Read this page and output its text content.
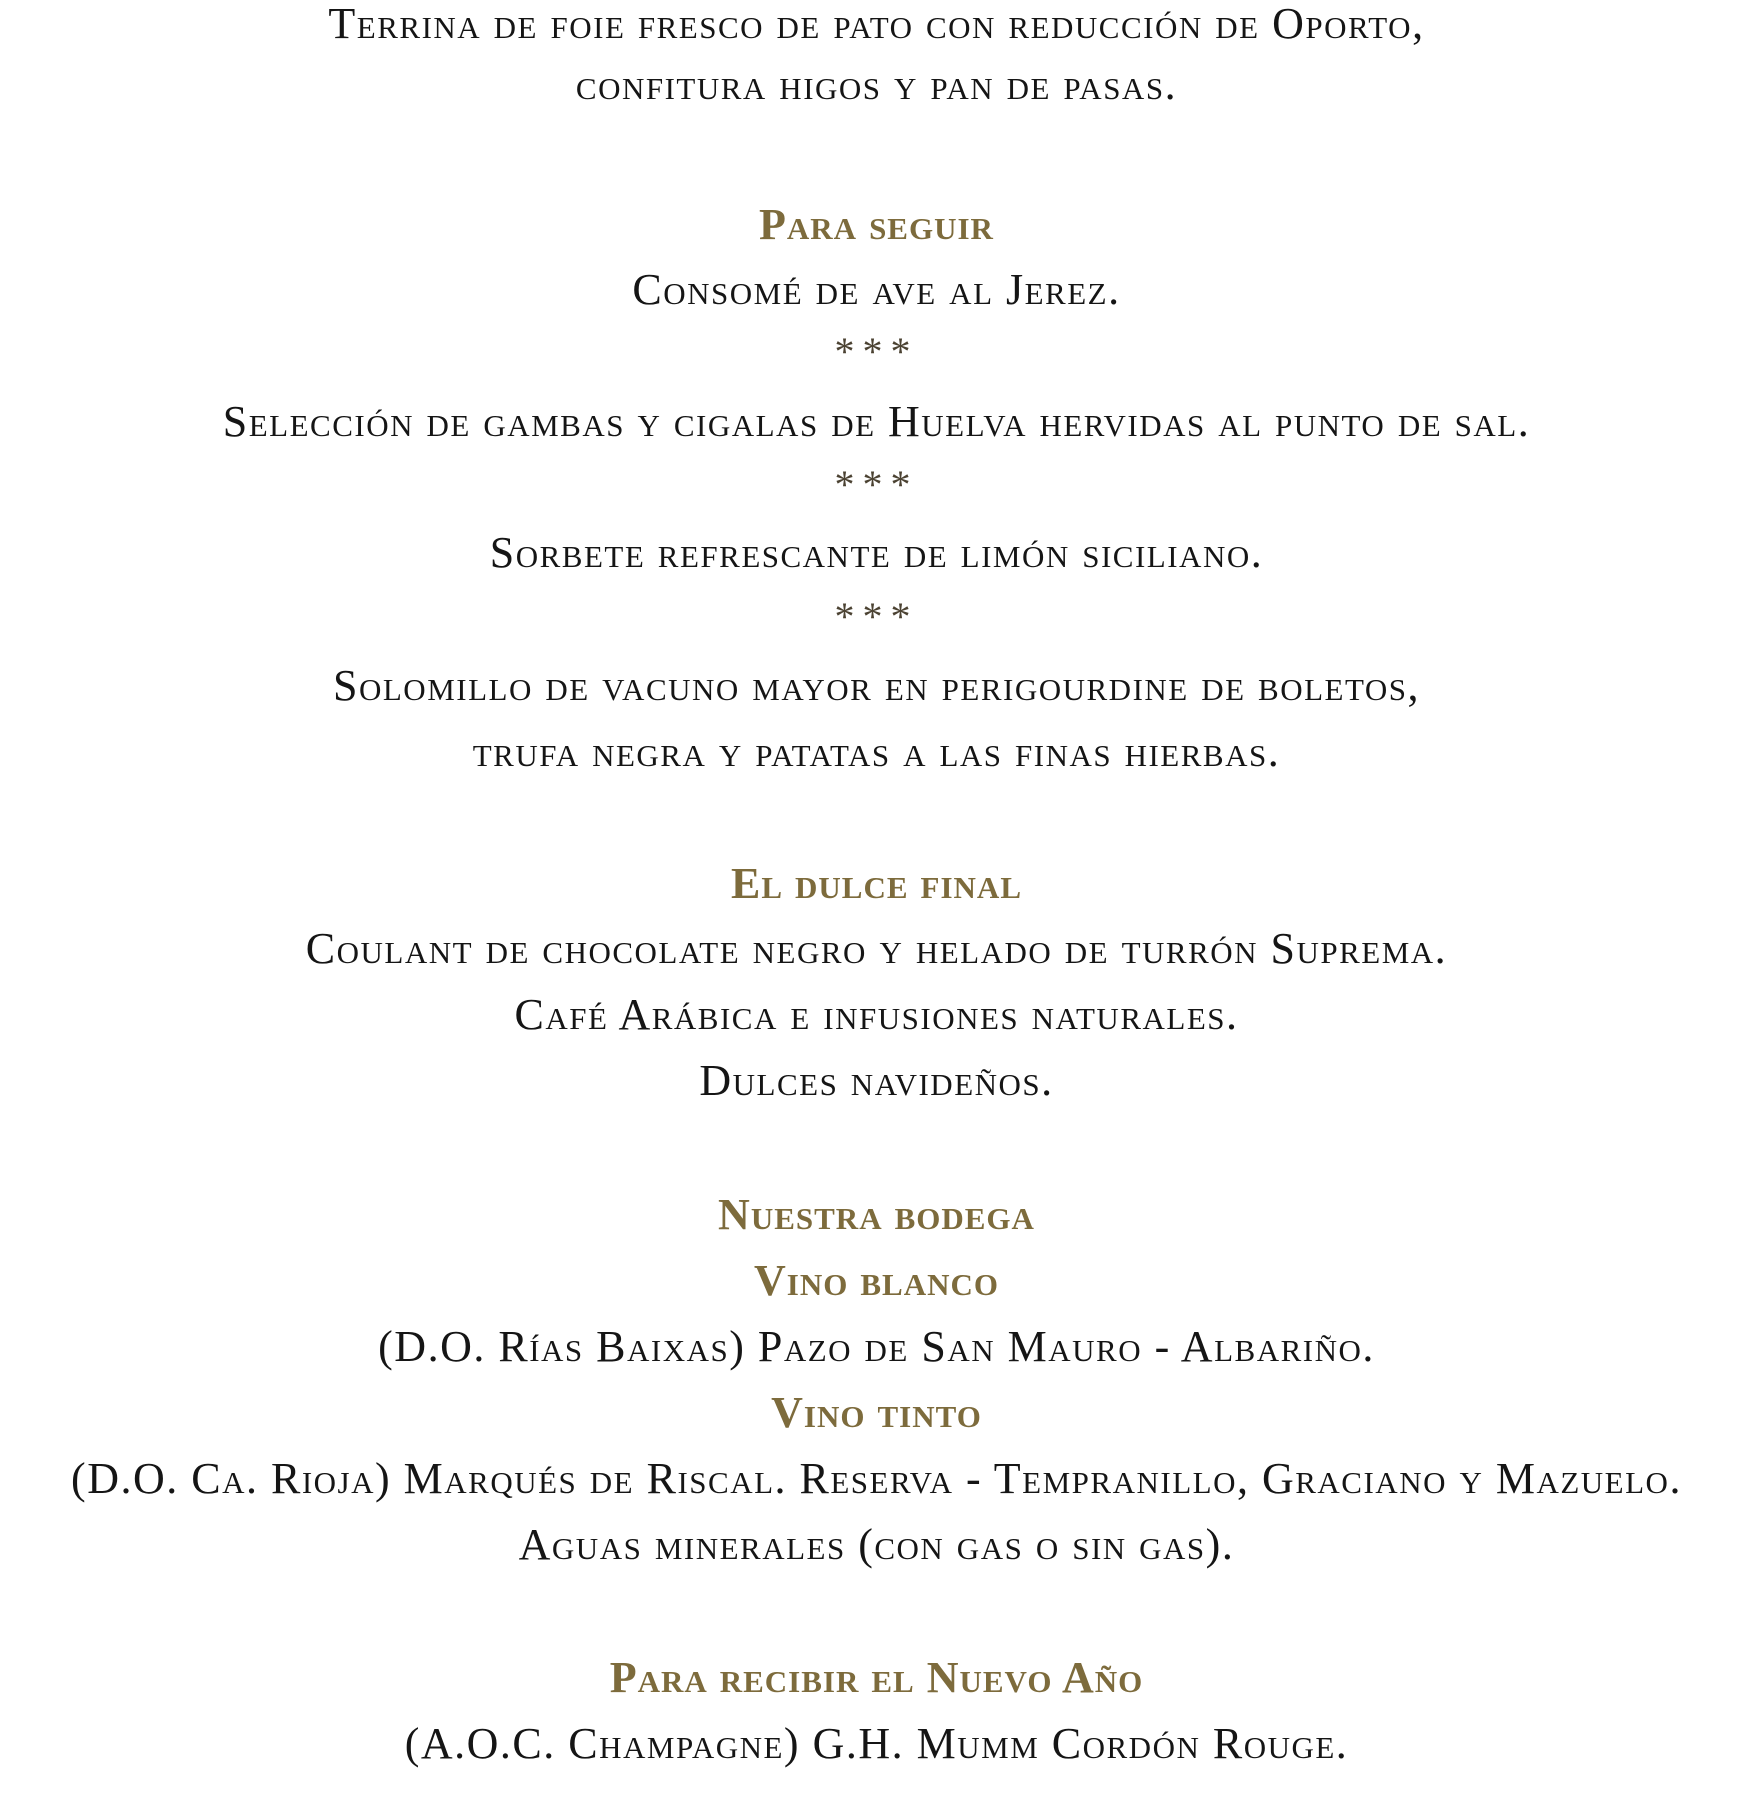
Terrina de foie fresco de pato con reducción de Oporto,
confitura higos y pan de pasas.
Para seguir
Consomé de ave al Jerez.
***
Selección de gambas y cigalas de Huelva hervidas al punto de sal.
***
Sorbete refrescante de limón siciliano.
***
Solomillo de vacuno mayor en perigourdine de boletos,
trufa negra y patatas a las finas hierbas.
El dulce final
Coulant de chocolate negro y helado de turrón Suprema.
Café Arábica e infusiones naturales.
Dulces navideños.
Nuestra bodega
Vino blanco
(D.O. Rías Baixas) Pazo de San Mauro - Albariño.
Vino tinto
(D.O. Ca. Rioja) Marqués de Riscal. Reserva - Tempranillo, Graciano y Mazuelo.
Aguas minerales (con gas o sin gas).
Para recibir el Nuevo Año
(A.O.C. Champagne) G.H. Mumm Cordón Rouge.
